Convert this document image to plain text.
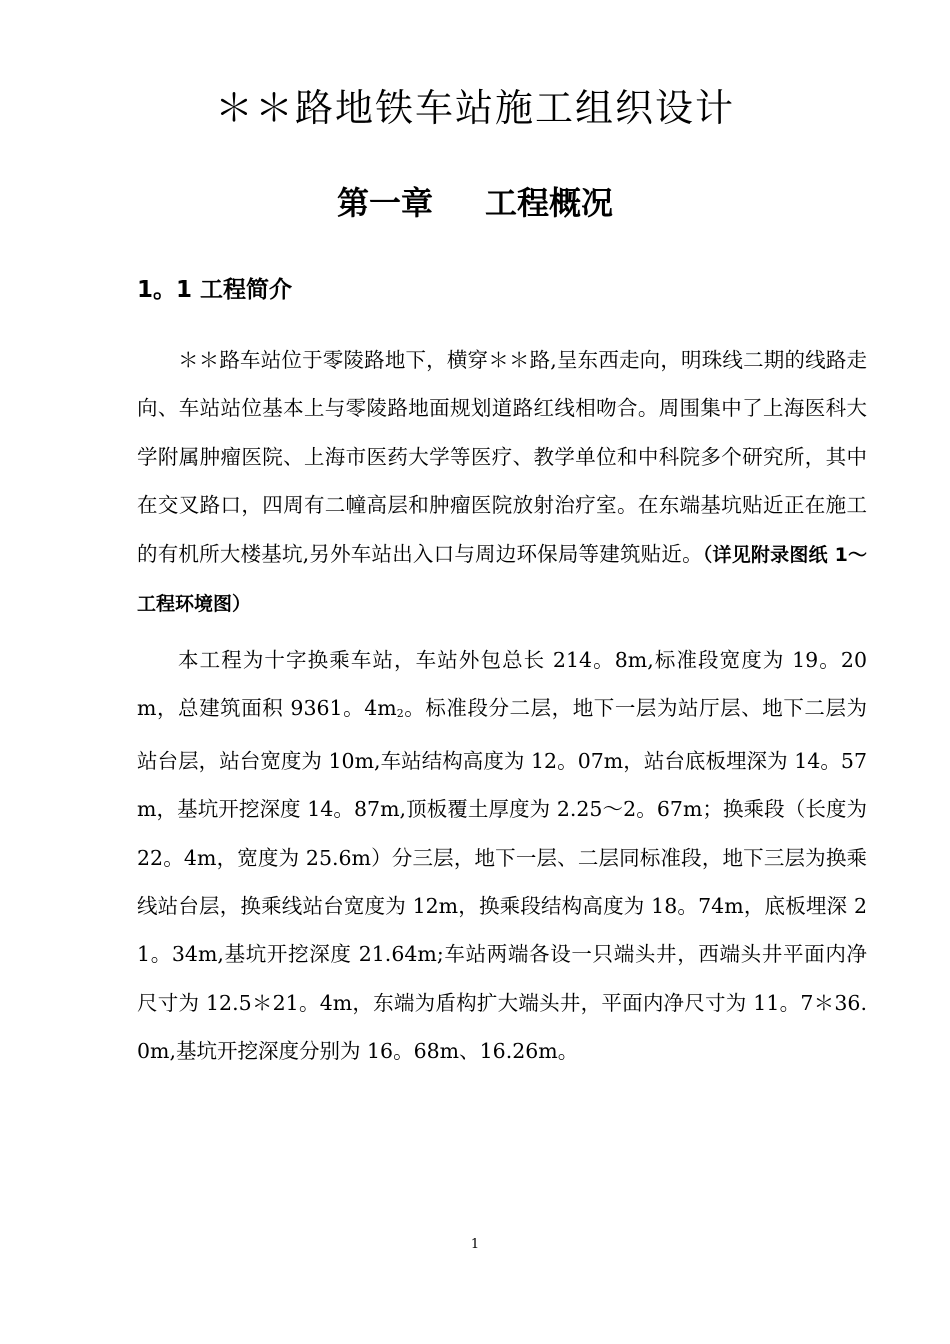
＊＊路地铁车站施工组织设计
第一章 工程概况
1。1 工程简介

＊＊路车站位于零陵路地下，横穿＊＊路,呈东西走向，明珠线二期的线路走向、车站站位基本上与零陵路地面规划道路红线相吻合。周围集中了上海医科大学附属肿瘤医院、上海市医药大学等医疗、教学单位和中科院多个研究所，其中在交叉路口，四周有二幢高层和肿瘤医院放射治疗室。在东端基坑贴近正在施工的有机所大楼基坑,另外车站出入口与周边环保局等建筑贴近。（详见附录图纸 1～工程环境图）

本工程为十字换乘车站，车站外包总长 214。8m,标准段宽度为 19。20m，总建筑面积 9361。$4m^2$。标准段分二层，地下一层为站厅层、地下二层为站台层，站台宽度为 10m,车站结构高度为 12。07m，站台底板埋深为 14。57m，基坑开挖深度 14。87m,顶板覆土厚度为 2.25～2。67m；换乘段（长度为 22。4m，宽度为 25.6m）分三层，地下一层、二层同标准段，地下三层为换乘线站台层，换乘线站台宽度为 12m，换乘段结构高度为 18。74m，底板埋深 21。34m,基坑开挖深度 21.64m;车站两端各设一只端头井，西端头井平面内净尺寸为 12.5＊21。4m，东端为盾构扩大端头井，平面内净尺寸为 11。7＊36.0m,基坑开挖深度分别为 16。68m、16.26m。

1
